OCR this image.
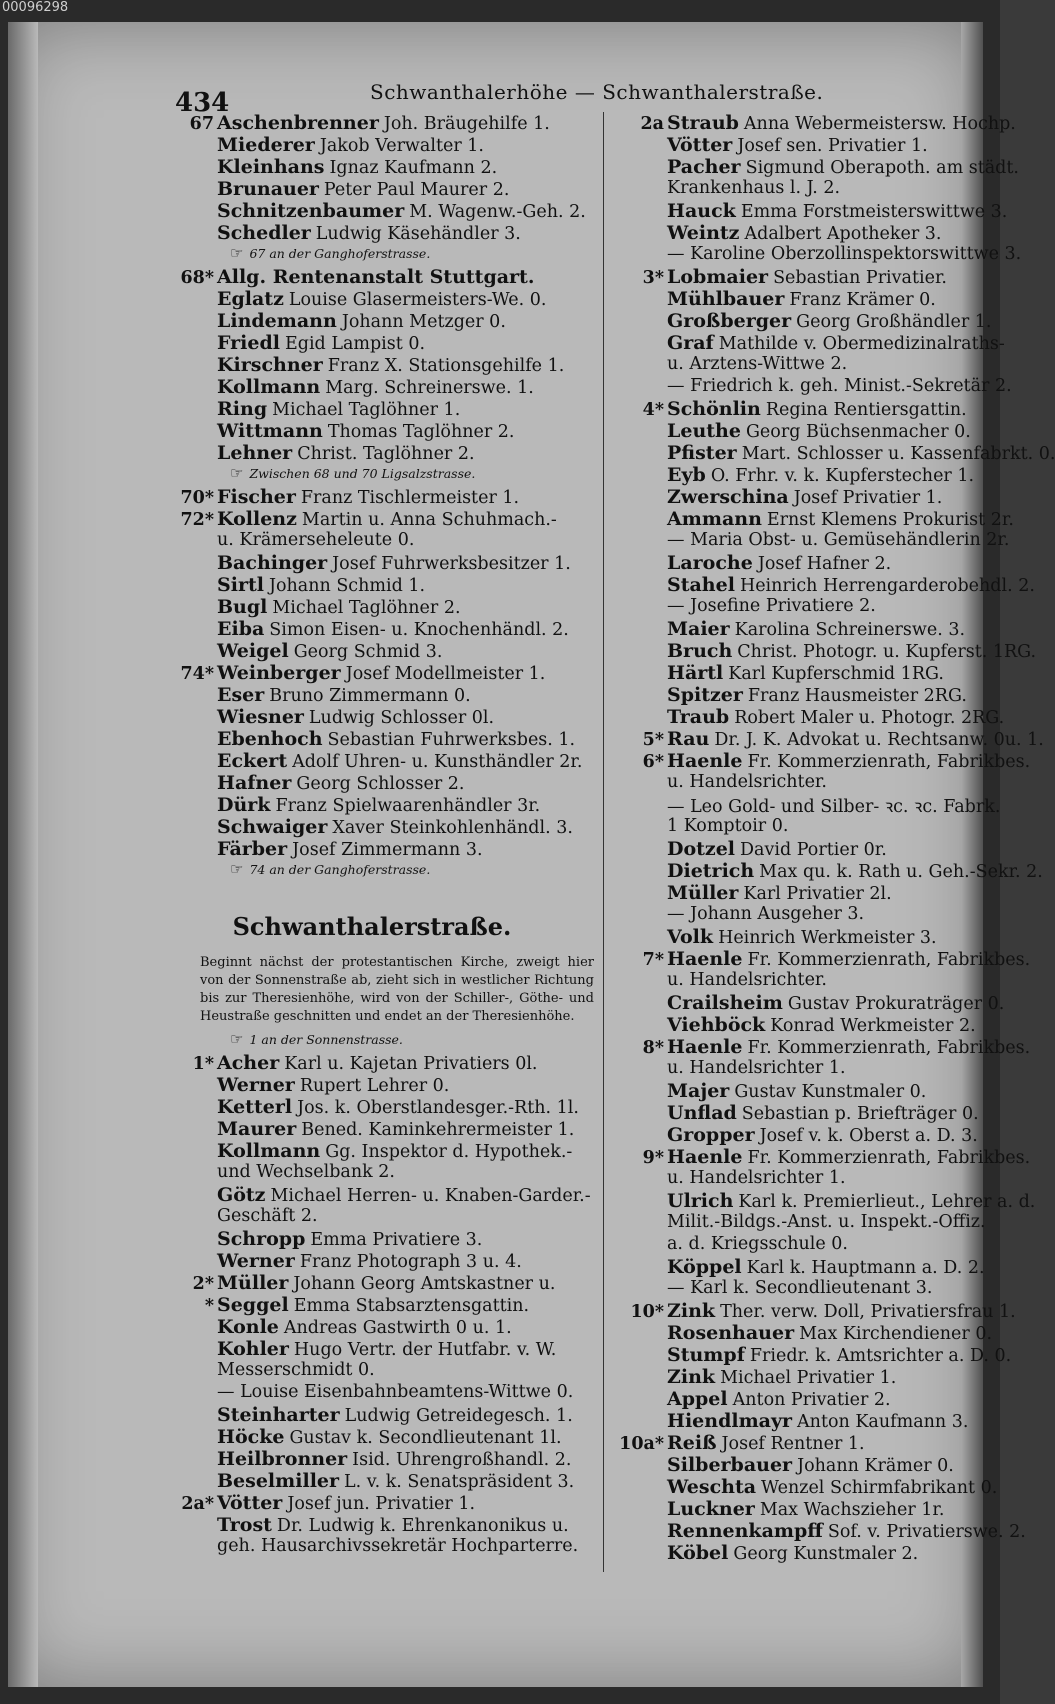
00096298
434	Schwanthalerhöhe — Schwanthalerstraße.
67 Aschenbrenner Joh. Bräugehilfe 1.
Miederer Jakob Verwalter 1.
Kleinhans Ignaz Kaufmann 2.
Brunauer Peter Paul Maurer 2.
Schnitzenbaumer M. Wagenw.-Geh. 2.
Schedler Ludwig Käsehändler 3.
☞ 67 an der Ganghoferstrasse.
68* Allg. Rentenanstalt Stuttgart.
Eglatz Louise Glasermeisters-We. 0.
Lindemann Johann Metzger 0.
Friedl Egid Lampist 0.
Kirschner Franz X. Stationsgehilfe 1.
Kollmann Marg. Schreinerswe. 1.
Ring Michael Taglöhner 1.
Wittmann Thomas Taglöhner 2.
Lehner Christ. Taglöhner 2.
☞ Zwischen 68 und 70 Ligsalzstrasse.
70* Fischer Franz Tischlermeister 1.
72* Kollenz Martin u. Anna Schuhmach.-
u. Krämerseheleute 0.
Bachinger Josef Fuhrwerksbesitzer 1.
Sirtl Johann Schmid 1.
Bugl Michael Taglöhner 2.
Eiba Simon Eisen- u. Knochenhändl. 2.
Weigel Georg Schmid 3.
74* Weinberger Josef Modellmeister 1.
Eser Bruno Zimmermann 0.
Wiesner Ludwig Schlosser 0l.
Ebenhoch Sebastian Fuhrwerksbes. 1.
Eckert Adolf Uhren- u. Kunsthändler 2r.
Hafner Georg Schlosser 2.
Dürk Franz Spielwaarenhändler 3r.
Schwaiger Xaver Steinkohlenhändl. 3.
Färber Josef Zimmermann 3.
☞ 74 an der Ganghoferstrasse.
Schwanthalerstraße.
Beginnt nächst der protestantischen Kirche, zweigt hier von der Sonnenstraße ab, zieht sich in westlicher Richtung bis zur Theresienhöhe, wird von der Schiller-, Göthe- und Heustraße geschnitten und endet an der Theresienhöhe.
☞ 1 an der Sonnenstrasse.
1* Acher Karl u. Kajetan Privatiers 0l.
Werner Rupert Lehrer 0.
Ketterl Jos. k. Oberstlandesger.-Rth. 1l.
Maurer Bened. Kaminkehrermeister 1.
Kollmann Gg. Inspektor d. Hypothek.-
und Wechselbank 2.
Götz Michael Herren- u. Knaben-Garder.-
Geschäft 2.
Schropp Emma Privatiere 3.
Werner Franz Photograph 3 u. 4.
2* Müller Johann Georg Amtskastner u.
* Seggel Emma Stabsarztensgattin.
Konle Andreas Gastwirth 0 u. 1.
Kohler Hugo Vertr. der Hutfabr. v. W.
Messerschmidt 0.
— Louise Eisenbahnbeamtens-Wittwe 0.
Steinharter Ludwig Getreidegesch. 1.
Höcke Gustav k. Secondlieutenant 1l.
Heilbronner Isid. Uhrengroßhandl. 2.
Beselmiller L. v. k. Senatspräsident 3.
2a* Vötter Josef jun. Privatier 1.
Trost Dr. Ludwig k. Ehrenkanonikus u.
geh. Hausarchivssekretär Hochparterre.
2a Straub Anna Webermeistersw. Hochp.
Vötter Josef sen. Privatier 1.
Pacher Sigmund Oberapoth. am städt.
Krankenhaus l. J. 2.
Hauck Emma Forstmeisterswittwe 3.
Weintz Adalbert Apotheker 3.
— Karoline Oberzollinspektorswittwe 3.
3* Lobmaier Sebastian Privatier.
Mühlbauer Franz Krämer 0.
Großberger Georg Großhändler 1.
Graf Mathilde v. Obermedizinalraths-
u. Arztens-Wittwe 2.
— Friedrich k. geh. Minist.-Sekretär 2.
4* Schönlin Regina Rentiersgattin.
Leuthe Georg Büchsenmacher 0.
Pfister Mart. Schlosser u. Kassenfabrkt. 0.
Eyb O. Frhr. v. k. Kupferstecher 1.
Zwerschina Josef Privatier 1.
Ammann Ernst Klemens Prokurist 2r.
— Maria Obst- u. Gemüsehändlerin 2r.
Laroche Josef Hafner 2.
Stahel Heinrich Herrengarderobehdl. 2.
— Josefine Privatiere 2.
Maier Karolina Schreinerswe. 3.
Bruch Christ. Photogr. u. Kupferst. 1RG.
Härtl Karl Kupferschmid 1RG.
Spitzer Franz Hausmeister 2RG.
Traub Robert Maler u. Photogr. 2RG.
5* Rau Dr. J. K. Advokat u. Rechtsanw. 0u. 1.
6* Haenle Fr. Kommerzienrath, Fabrikbes.
u. Handelsrichter.
— Leo Gold- und Silber- ꝛc. ꝛc. Fabrk.
1 Komptoir 0.
Dotzel David Portier 0r.
Dietrich Max qu. k. Rath u. Geh.-Sekr. 2.
Müller Karl Privatier 2l.
— Johann Ausgeher 3.
Volk Heinrich Werkmeister 3.
7* Haenle Fr. Kommerzienrath, Fabrikbes.
u. Handelsrichter.
Crailsheim Gustav Prokuraträger 0.
Viehböck Konrad Werkmeister 2.
8* Haenle Fr. Kommerzienrath, Fabrikbes.
u. Handelsrichter 1.
Majer Gustav Kunstmaler 0.
Unflad Sebastian p. Briefträger 0.
Gropper Josef v. k. Oberst a. D. 3.
9* Haenle Fr. Kommerzienrath, Fabrikbes.
u. Handelsrichter 1.
Ulrich Karl k. Premierlieut., Lehrer a. d.
Milit.-Bildgs.-Anst. u. Inspekt.-Offiz.
a. d. Kriegsschule 0.
Köppel Karl k. Hauptmann a. D. 2.
— Karl k. Secondlieutenant 3.
10* Zink Ther. verw. Doll, Privatiersfrau 1.
Rosenhauer Max Kirchendiener 0.
Stumpf Friedr. k. Amtsrichter a. D. 0.
Zink Michael Privatier 1.
Appel Anton Privatier 2.
Hiendlmayr Anton Kaufmann 3.
10a* Reiß Josef Rentner 1.
Silberbauer Johann Krämer 0.
Weschta Wenzel Schirmfabrikant 0.
Luckner Max Wachszieher 1r.
Rennenkampff Sof. v. Privatierswe. 2.
Köbel Georg Kunstmaler 2.
